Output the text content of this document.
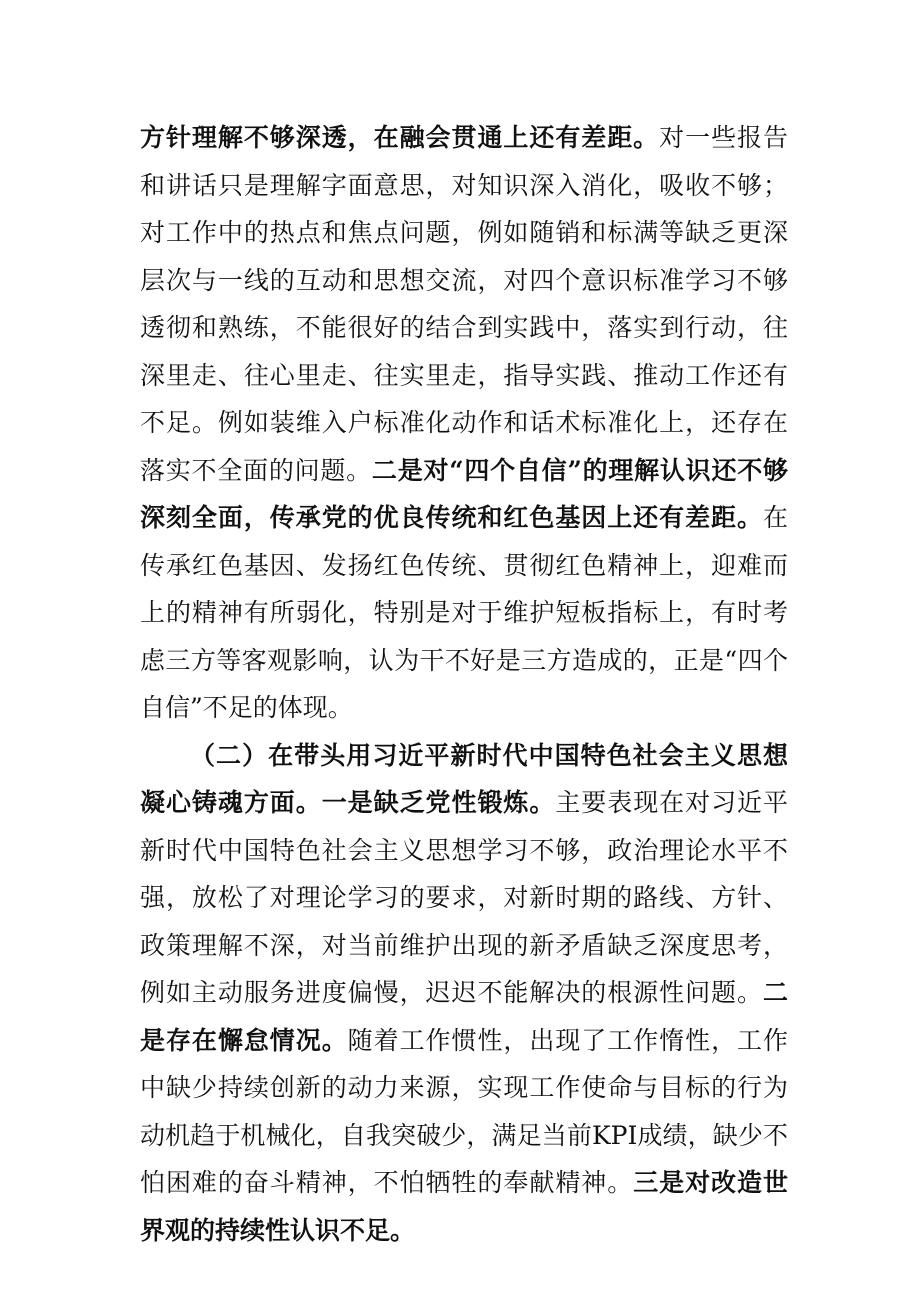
方针理解不够深透，在融会贯通上还有差距。对一些报告和讲话只是理解字面意思，对知识深入消化，吸收不够；对工作中的热点和焦点问题，例如随销和标满等缺乏更深层次与一线的互动和思想交流，对四个意识标准学习不够透彻和熟练，不能很好的结合到实践中，落实到行动，往深里走、往心里走、往实里走，指导实践、推动工作还有不足。例如装维入户标准化动作和话术标准化上，还存在落实不全面的问题。二是对“四个自信”的理解认识还不够深刻全面，传承党的优良传统和红色基因上还有差距。在传承红色基因、发扬红色传统、贯彻红色精神上，迎难而上的精神有所弱化，特别是对于维护短板指标上，有时考虑三方等客观影响，认为干不好是三方造成的，正是“四个自信”不足的体现。

（二）在带头用习近平新时代中国特色社会主义思想凝心铸魂方面。一是缺乏党性锻炼。主要表现在对习近平新时代中国特色社会主义思想学习不够，政治理论水平不强，放松了对理论学习的要求，对新时期的路线、方针、政策理解不深，对当前维护出现的新矛盾缺乏深度思考，例如主动服务进度偏慢，迟迟不能解决的根源性问题。二是存在懈怠情况。随着工作惯性，出现了工作惰性，工作中缺少持续创新的动力来源，实现工作使命与目标的行为动机趋于机械化，自我突破少，满足当前KPI成绩，缺少不怕困难的奋斗精神，不怕牺牲的奉献精神。三是对改造世界观的持续性认识不足。
